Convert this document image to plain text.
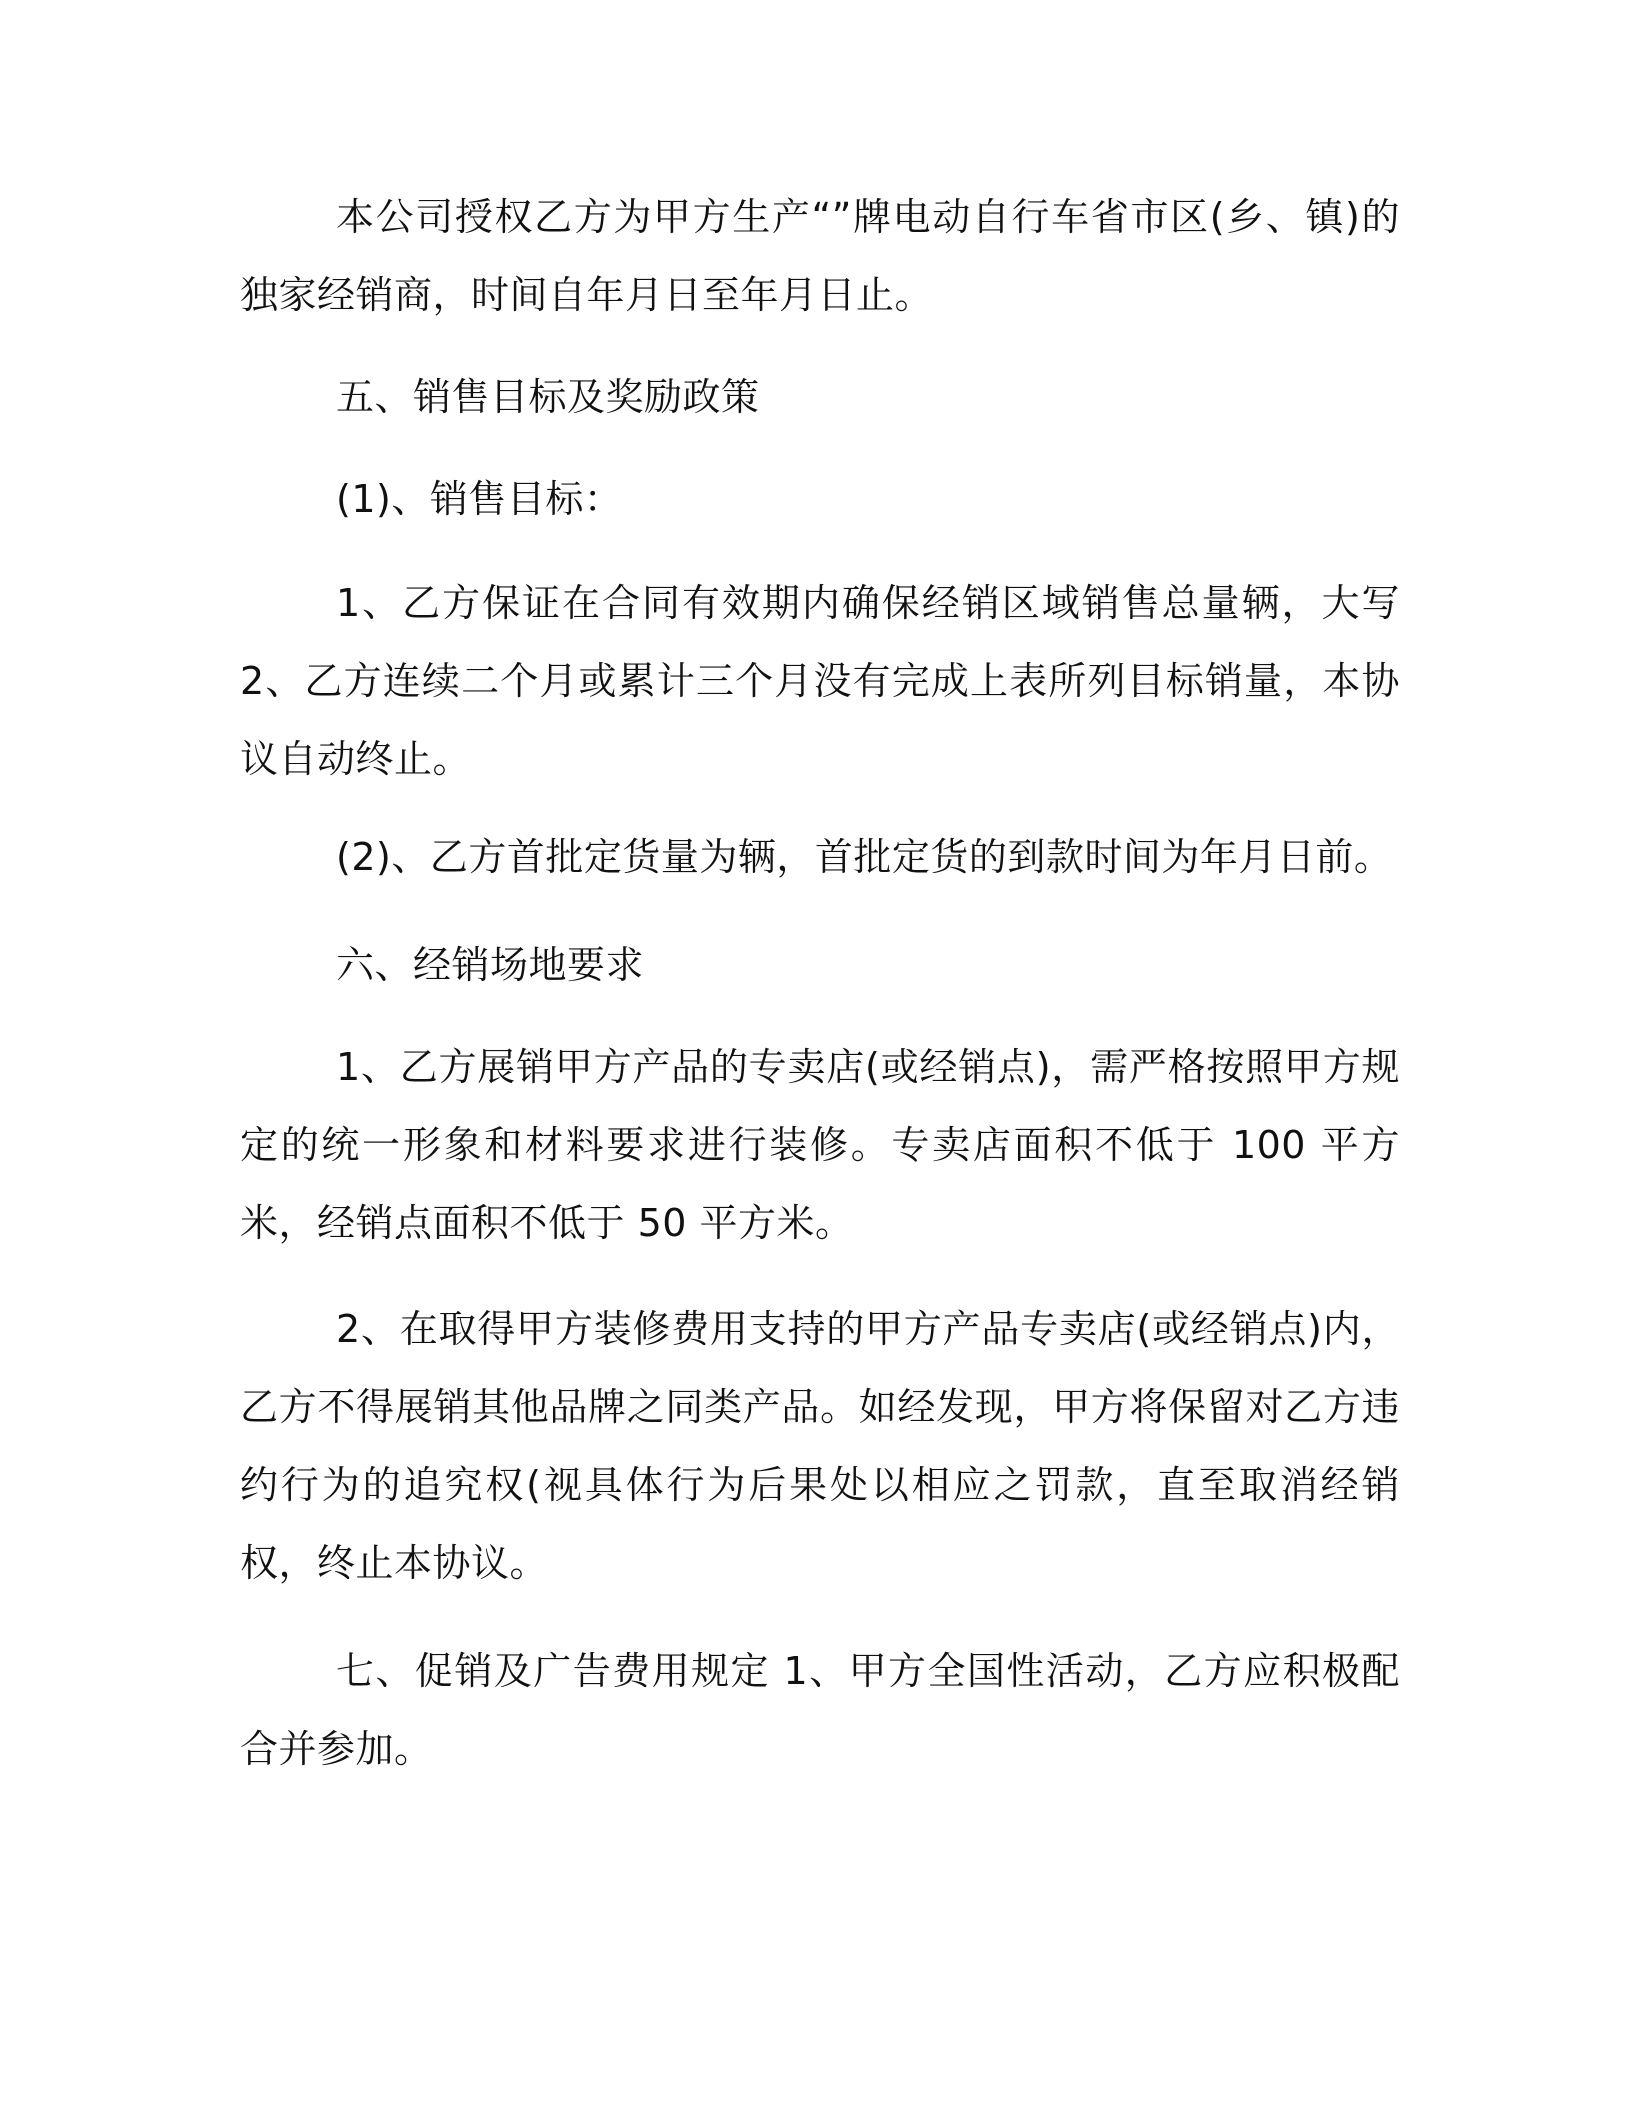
本公司授权乙方为甲方生产“”牌电动自行车省市区(乡、镇)的独家经销商，时间自年月日至年月日止。

五、销售目标及奖励政策

(1)、销售目标：

1、乙方保证在合同有效期内确保经销区域销售总量辆，大写 2、乙方连续二个月或累计三个月没有完成上表所列目标销量，本协议自动终止。

(2)、乙方首批定货量为辆，首批定货的到款时间为年月日前。

六、经销场地要求

1、乙方展销甲方产品的专卖店(或经销点)，需严格按照甲方规定的统一形象和材料要求进行装修。专卖店面积不低于 100 平方米，经销点面积不低于 50 平方米。

2、在取得甲方装修费用支持的甲方产品专卖店(或经销点)内，乙方不得展销其他品牌之同类产品。如经发现，甲方将保留对乙方违约行为的追究权(视具体行为后果处以相应之罚款，直至取消经销权，终止本协议。

七、促销及广告费用规定 1、甲方全国性活动，乙方应积极配合并参加。
